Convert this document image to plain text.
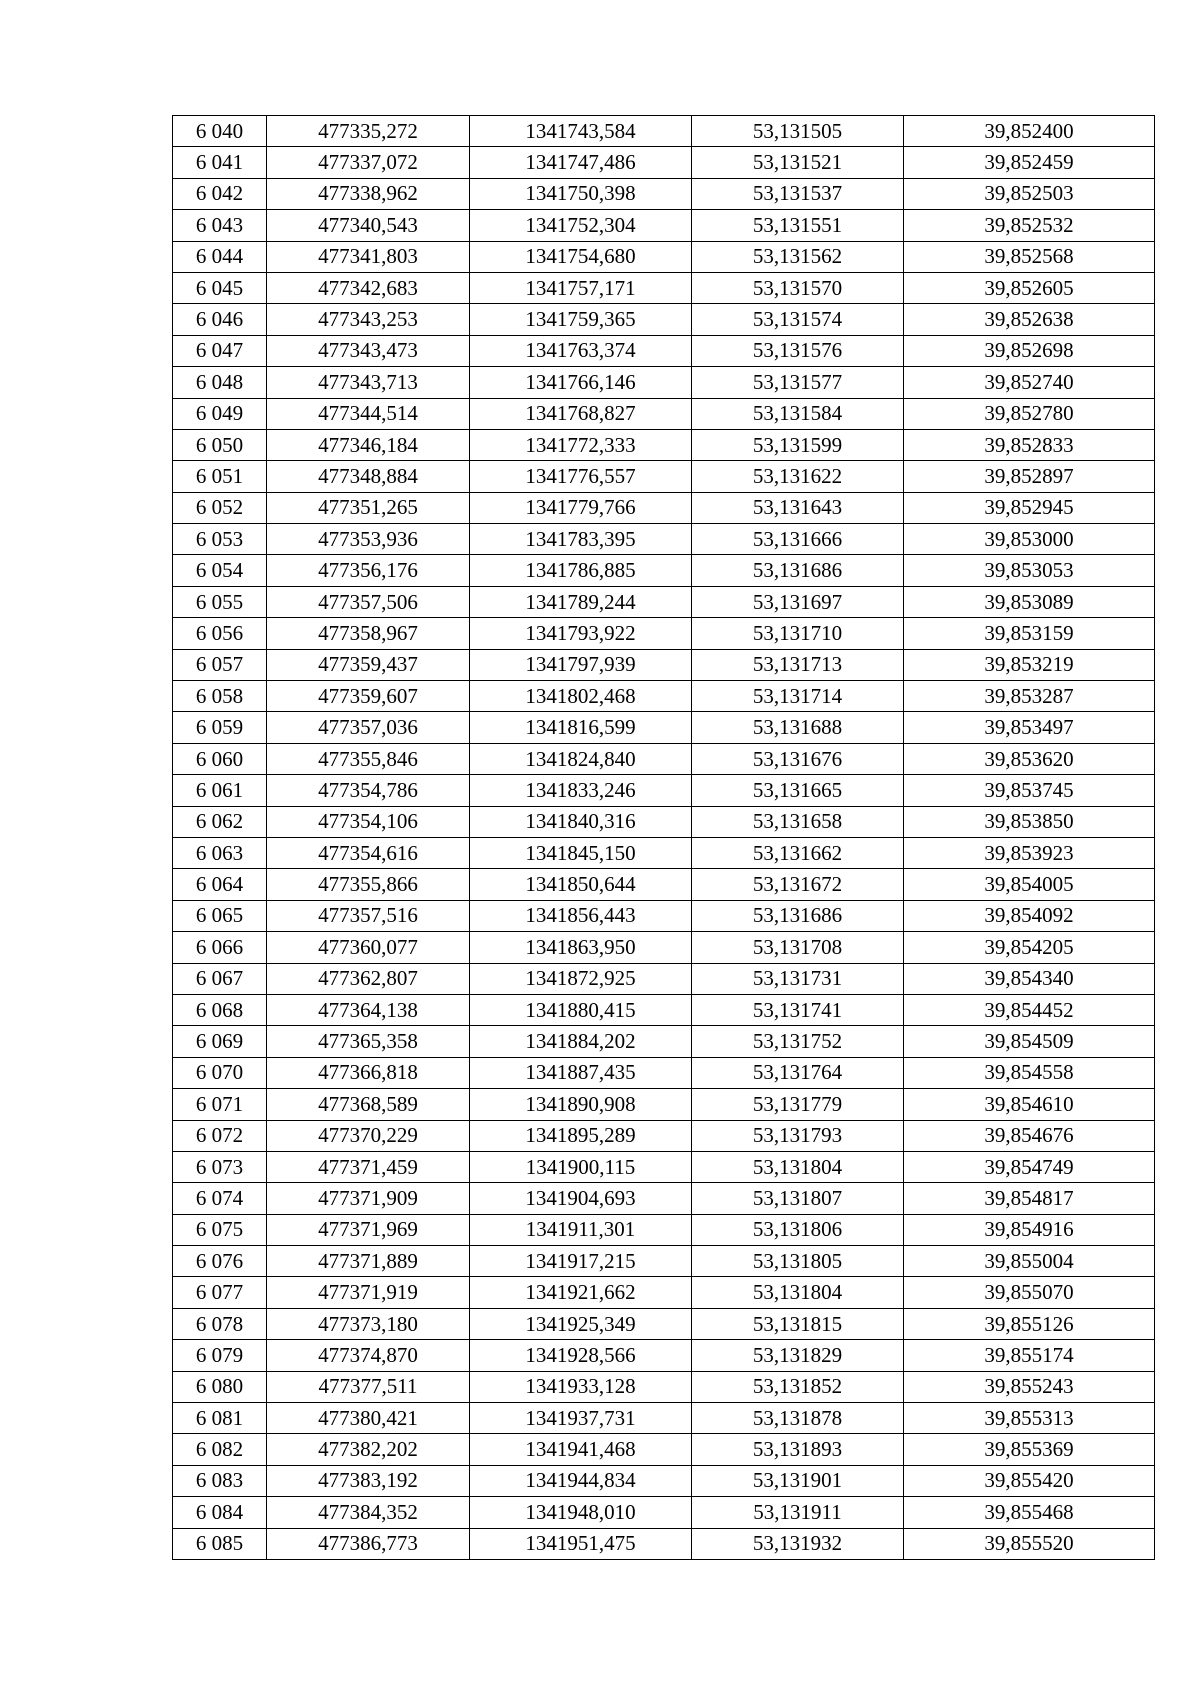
6 040	477335,272	1341743,584	53,131505	39,852400
6 041	477337,072	1341747,486	53,131521	39,852459
6 042	477338,962	1341750,398	53,131537	39,852503
6 043	477340,543	1341752,304	53,131551	39,852532
6 044	477341,803	1341754,680	53,131562	39,852568
6 045	477342,683	1341757,171	53,131570	39,852605
6 046	477343,253	1341759,365	53,131574	39,852638
6 047	477343,473	1341763,374	53,131576	39,852698
6 048	477343,713	1341766,146	53,131577	39,852740
6 049	477344,514	1341768,827	53,131584	39,852780
6 050	477346,184	1341772,333	53,131599	39,852833
6 051	477348,884	1341776,557	53,131622	39,852897
6 052	477351,265	1341779,766	53,131643	39,852945
6 053	477353,936	1341783,395	53,131666	39,853000
6 054	477356,176	1341786,885	53,131686	39,853053
6 055	477357,506	1341789,244	53,131697	39,853089
6 056	477358,967	1341793,922	53,131710	39,853159
6 057	477359,437	1341797,939	53,131713	39,853219
6 058	477359,607	1341802,468	53,131714	39,853287
6 059	477357,036	1341816,599	53,131688	39,853497
6 060	477355,846	1341824,840	53,131676	39,853620
6 061	477354,786	1341833,246	53,131665	39,853745
6 062	477354,106	1341840,316	53,131658	39,853850
6 063	477354,616	1341845,150	53,131662	39,853923
6 064	477355,866	1341850,644	53,131672	39,854005
6 065	477357,516	1341856,443	53,131686	39,854092
6 066	477360,077	1341863,950	53,131708	39,854205
6 067	477362,807	1341872,925	53,131731	39,854340
6 068	477364,138	1341880,415	53,131741	39,854452
6 069	477365,358	1341884,202	53,131752	39,854509
6 070	477366,818	1341887,435	53,131764	39,854558
6 071	477368,589	1341890,908	53,131779	39,854610
6 072	477370,229	1341895,289	53,131793	39,854676
6 073	477371,459	1341900,115	53,131804	39,854749
6 074	477371,909	1341904,693	53,131807	39,854817
6 075	477371,969	1341911,301	53,131806	39,854916
6 076	477371,889	1341917,215	53,131805	39,855004
6 077	477371,919	1341921,662	53,131804	39,855070
6 078	477373,180	1341925,349	53,131815	39,855126
6 079	477374,870	1341928,566	53,131829	39,855174
6 080	477377,511	1341933,128	53,131852	39,855243
6 081	477380,421	1341937,731	53,131878	39,855313
6 082	477382,202	1341941,468	53,131893	39,855369
6 083	477383,192	1341944,834	53,131901	39,855420
6 084	477384,352	1341948,010	53,131911	39,855468
6 085	477386,773	1341951,475	53,131932	39,855520
